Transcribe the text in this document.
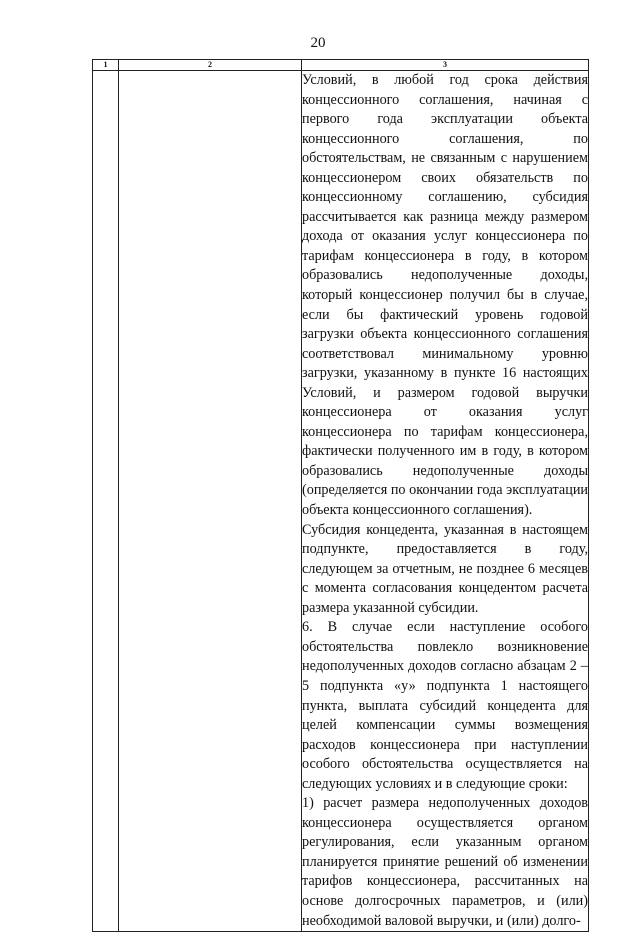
20
1	2	3

		Условий, в любой год срока действия концессионного соглашения, начиная с первого года эксплуатации объекта концессионного соглашения, по обстоятельствам, не связанным с нарушением концессионером своих обязательств по концессионному соглашению, субсидия рассчитывается как разница между размером дохода от оказания услуг концессионера по тарифам концессионера в году, в котором образовались недополученные доходы, который концессионер получил бы в случае, если бы фактический уровень годовой загрузки объекта концессионного соглашения соответствовал минимальному уровню загрузки, указанному в пункте 16 настоящих Условий, и размером годовой выручки концессионера от оказания услуг концессионера по тарифам концессионера, фактически полученного им в году, в котором образовались недополученные доходы (определяется по окончании года эксплуатации объекта концессионного соглашения).

Субсидия концедента, указанная в настоящем подпункте, предоставляется в году, следующем за отчетным, не позднее 6 месяцев с момента согласования концедентом расчета размера указанной субсидии.

6. В случае если наступление особого обстоятельства повлекло возникновение недополученных доходов согласно абзацам 2 – 5 подпункта «у» подпункта 1 настоящего пункта, выплата субсидий концедента для целей компенсации суммы возмещения расходов концессионера при наступлении особого обстоятельства осуществляется на следующих условиях и в следующие сроки:

1) расчет размера недополученных доходов концессионера осуществляется органом регулирования, если указанным органом планируется принятие решений об изменении тарифов концессионера, рассчитанных на основе долгосрочных параметров, и (или) необходимой валовой выручки, и (или) долго-
